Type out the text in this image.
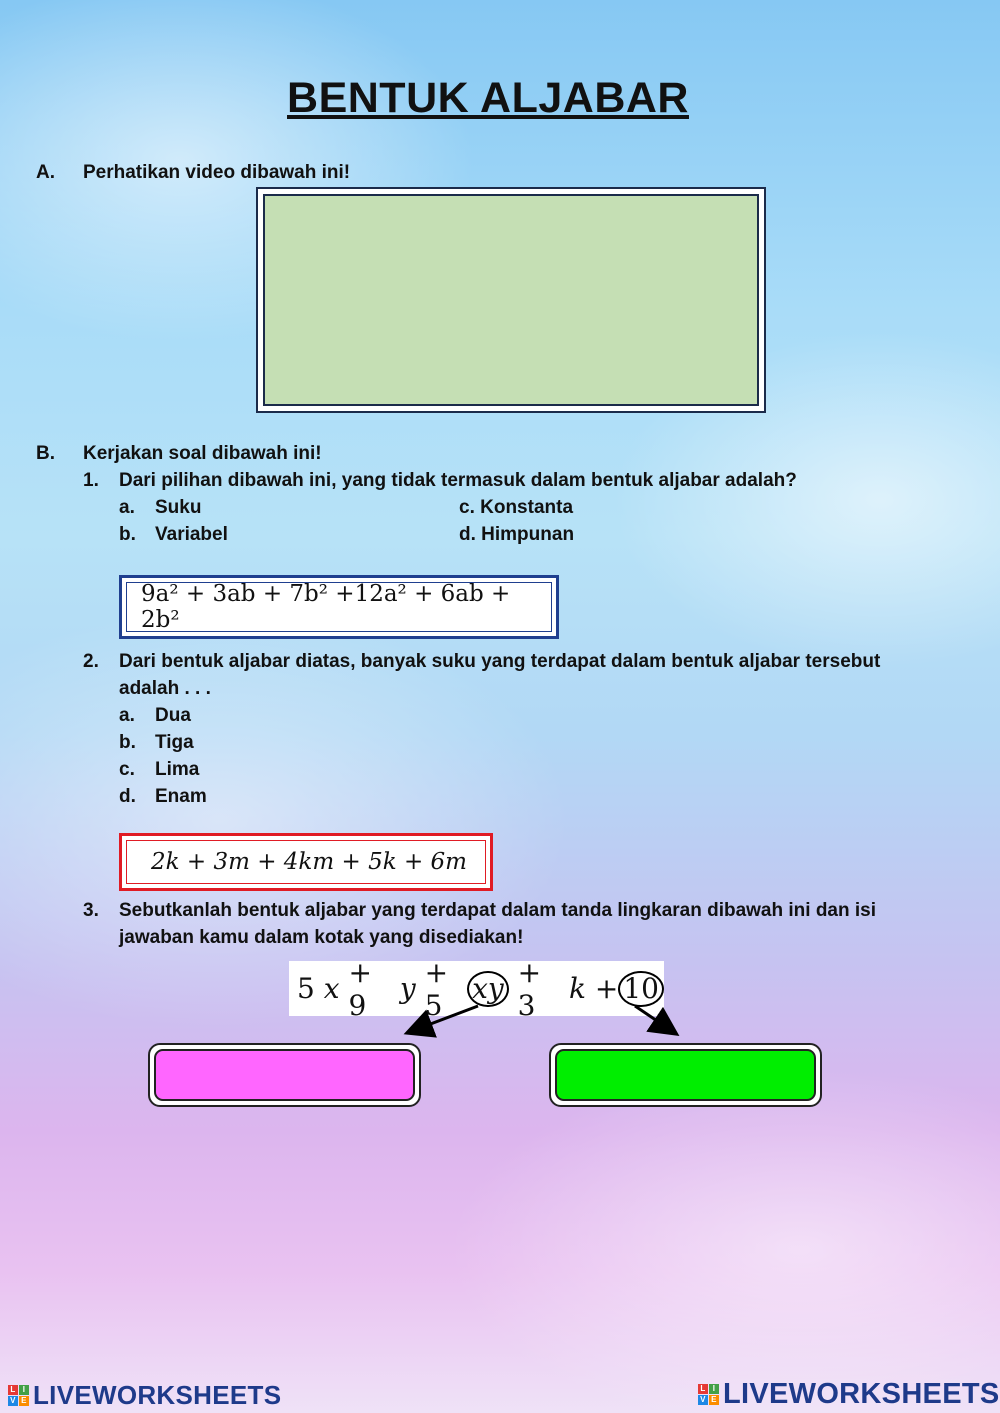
BENTUK ALJABAR
A. Perhatikan video dibawah ini!
B. Kerjakan soal dibawah ini!
1. Dari pilihan dibawah ini, yang tidak termasuk dalam bentuk aljabar adalah?
a. Suku
b. Variabel
c. Konstanta
d. Himpunan
9a² + 3ab + 7b² +12a² + 6ab + 2b²
2. Dari bentuk aljabar diatas, banyak suku yang terdapat dalam bentuk aljabar tersebut
adalah . . .
a. Dua
b. Tiga
c. Lima
d. Enam
2k + 3m + 4km + 5k + 6m
3. Sebutkanlah bentuk aljabar yang terdapat dalam tanda lingkaran dibawah ini dan isi
jawaban kamu dalam kotak yang disediakan!
5
x
+ 9
	y
+ 5
xy
+ 3
	k
+ 10
L I
V E LIVEWORKSHEETS	L I
V E LIVEWORKSHEETS
